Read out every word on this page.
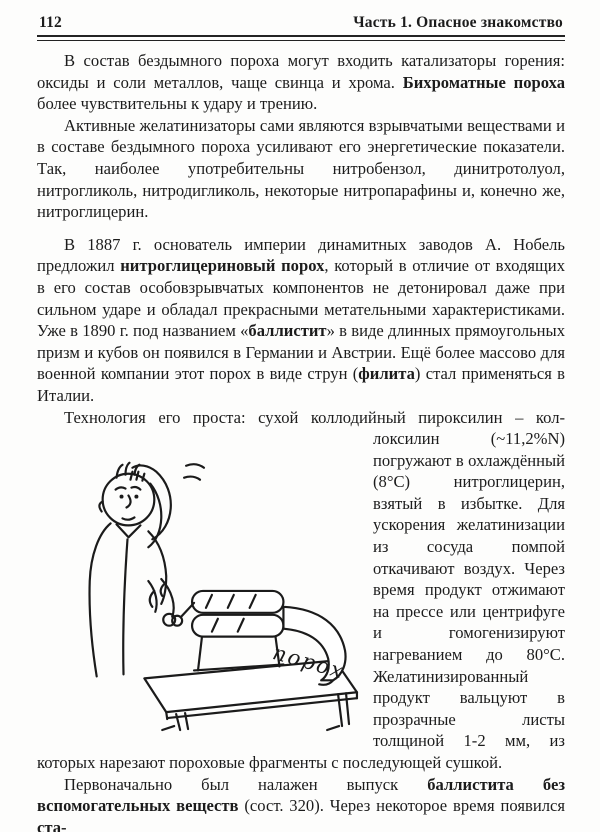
112	Часть 1. Опасное знакомство

В состав бездымного пороха могут входить катализаторы горения: оксиды и соли металлов, чаще свинца и хрома. Бихроматные пороха более чувствительны к удару и трению.

Активные желатинизаторы сами являются взрывчатыми веществами и в составе бездымного пороха усиливают его энергетические показатели. Так, наиболее употребительны нитробензол, динитротолуол, нитрогликоль, нитродигликоль, некоторые нитропарафины и, конечно же, нитроглицерин.

В 1887 г. основатель империи динамитных заводов А. Нобель предложил нитроглицериновый порох, который в отличие от входящих в его состав особовзрывчатых компонентов не детонировал даже при сильном ударе и обладал прекрасными метательными характеристиками. Уже в 1890 г. под названием «баллистит» в виде длинных прямоугольных призм и кубов он появился в Германии и Австрии. Ещё более массово для военной компании этот порох в виде струн (филита) стал применяться в Италии.

Технология его проста: сухой коллодийный пироксилин – кол-

порох

локсилин (~11,2%N) погружают в охлаждённый (8°С) нитроглицерин, взятый в избытке. Для ускорения желатинизации из сосуда помпой откачивают воздух. Через время продукт отжимают на прессе или центрифуге и гомогенизируют нагреванием до 80°С. Желатинизированный продукт вальцуют в прозрачные листы толщиной 1-2 мм, из которых нарезают пороховые фрагменты с последующей сушкой.

Первоначально был налажен выпуск баллистита без вспомогательных веществ (сост. 320). Через некоторое время появился ста-
